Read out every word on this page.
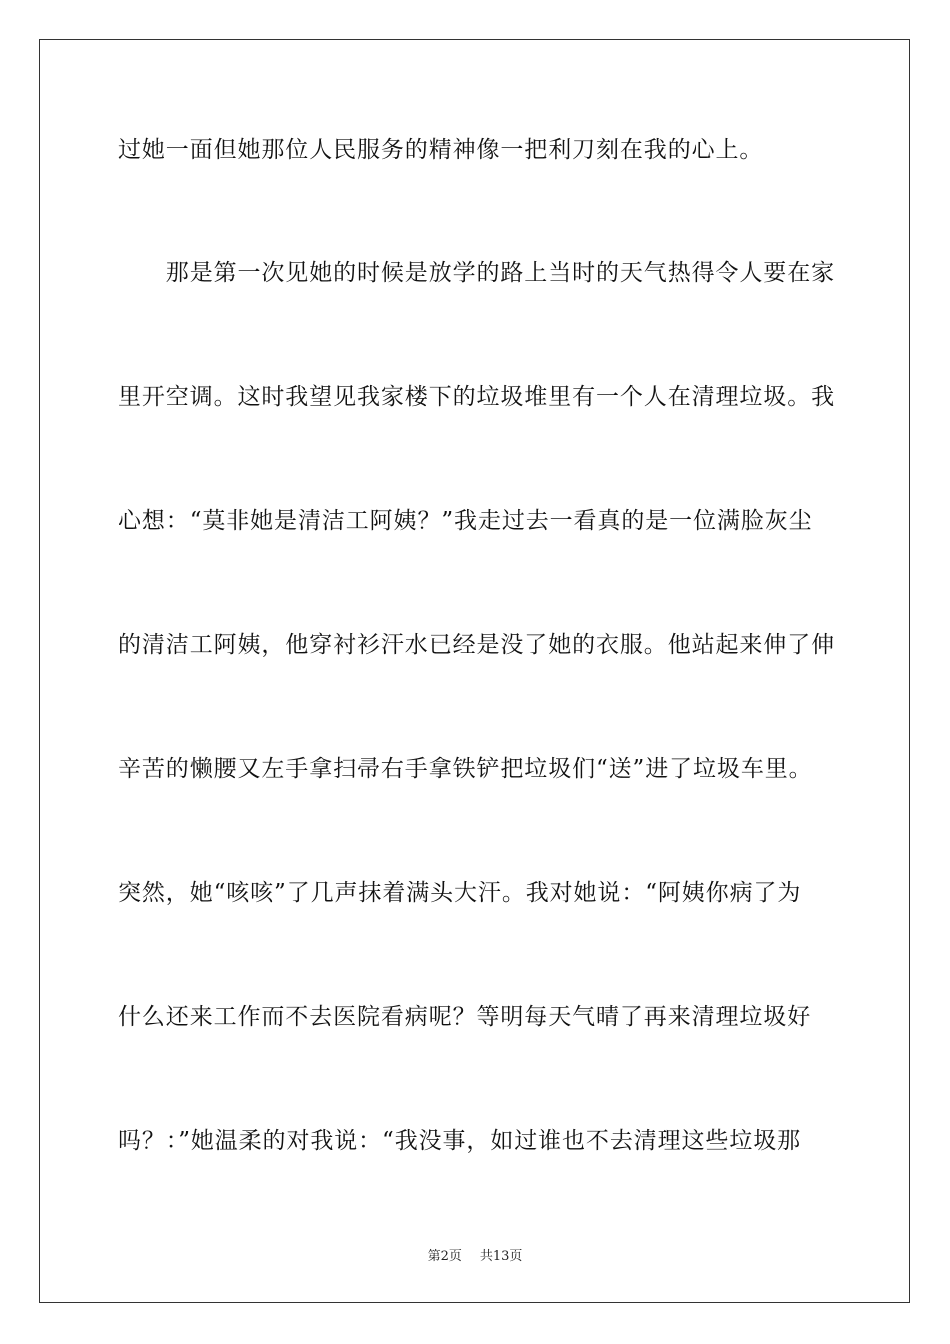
过她一面但她那位人民服务的精神像一把利刀刻在我的心上。
　　那是第一次见她的时候是放学的路上当时的天气热得令人要在家
里开空调。这时我望见我家楼下的垃圾堆里有一个人在清理垃圾。我
心想：“莫非她是清洁工阿姨？”我走过去一看真的是一位满脸灰尘
的清洁工阿姨，他穿衬衫汗水已经是没了她的衣服。他站起来伸了伸
辛苦的懒腰又左手拿扫帚右手拿铁铲把垃圾们“送”进了垃圾车里。
突然，她“咳咳”了几声抹着满头大汗。我对她说：“阿姨你病了为
什么还来工作而不去医院看病呢？等明每天气晴了再来清理垃圾好
吗？：”她温柔的对我说：“我没事，如过谁也不去清理这些垃圾那
第2页 共13页
